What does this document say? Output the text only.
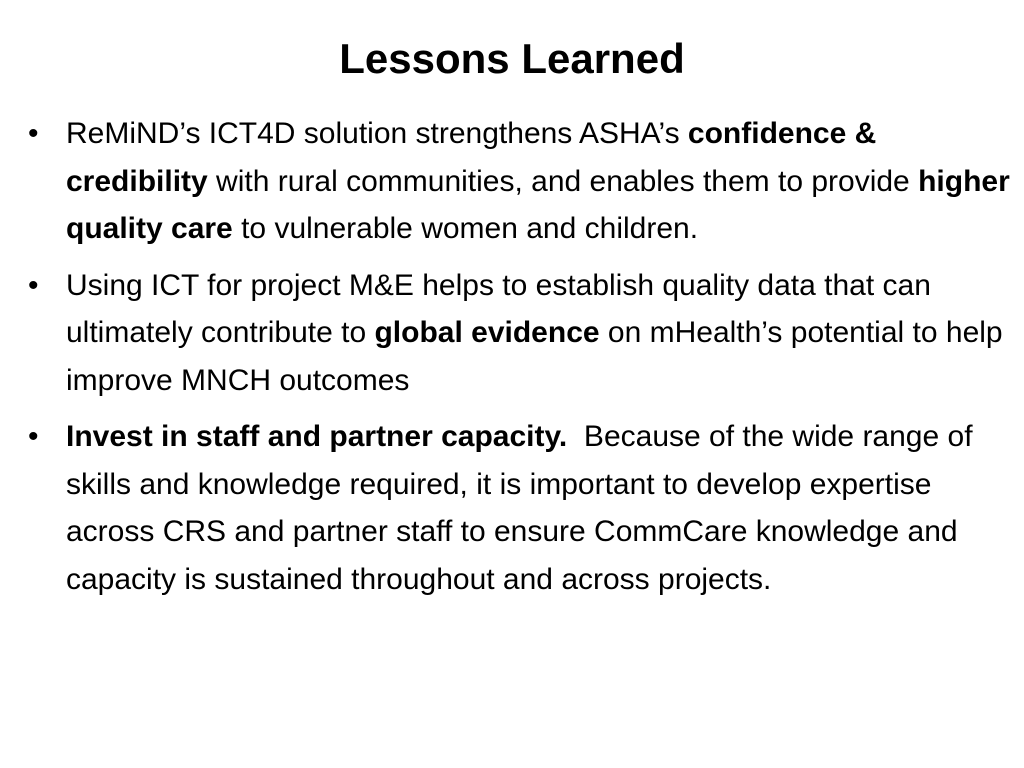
Lessons Learned
• ReMiND’s ICT4D solution strengthens ASHA’s confidence & credibility with rural communities, and enables them to provide higher quality care to vulnerable women and children.
• Using ICT for project M&E helps to establish quality data that can ultimately contribute to global evidence on mHealth’s potential to help improve MNCH outcomes
• Invest in staff and partner capacity.  Because of the wide range of skills and knowledge required, it is important to develop expertise across CRS and partner staff to ensure CommCare knowledge and capacity is sustained throughout and across projects.
